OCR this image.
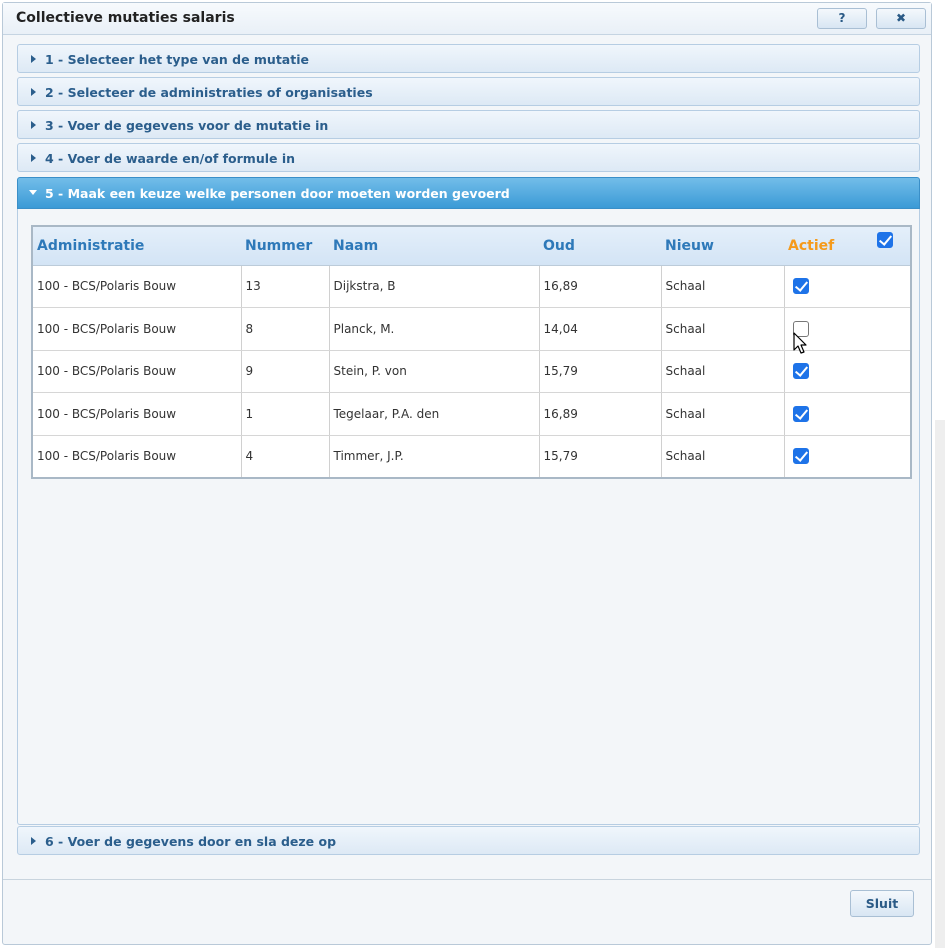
Collectieve mutaties salaris	?	✖
1 - Selecteer het type van de mutatie
2 - Selecteer de administraties of organisaties
3 - Voer de gegevens voor de mutatie in
4 - Voer de waarde en/of formule in
5 - Maak een keuze welke personen door moeten worden gevoerd
Administratie	Nummer	Naam	Oud	Nieuw	Actief

100 - BCS/Polaris Bouw	13	Dijkstra, B	16,89	Schaal	
100 - BCS/Polaris Bouw	8	Planck, M.	14,04	Schaal	
100 - BCS/Polaris Bouw	9	Stein, P. von	15,79	Schaal	
100 - BCS/Polaris Bouw	1	Tegelaar, P.A. den	16,89	Schaal	
100 - BCS/Polaris Bouw	4	Timmer, J.P.	15,79	Schaal	
6 - Voer de gegevens door en sla deze op
Sluit
